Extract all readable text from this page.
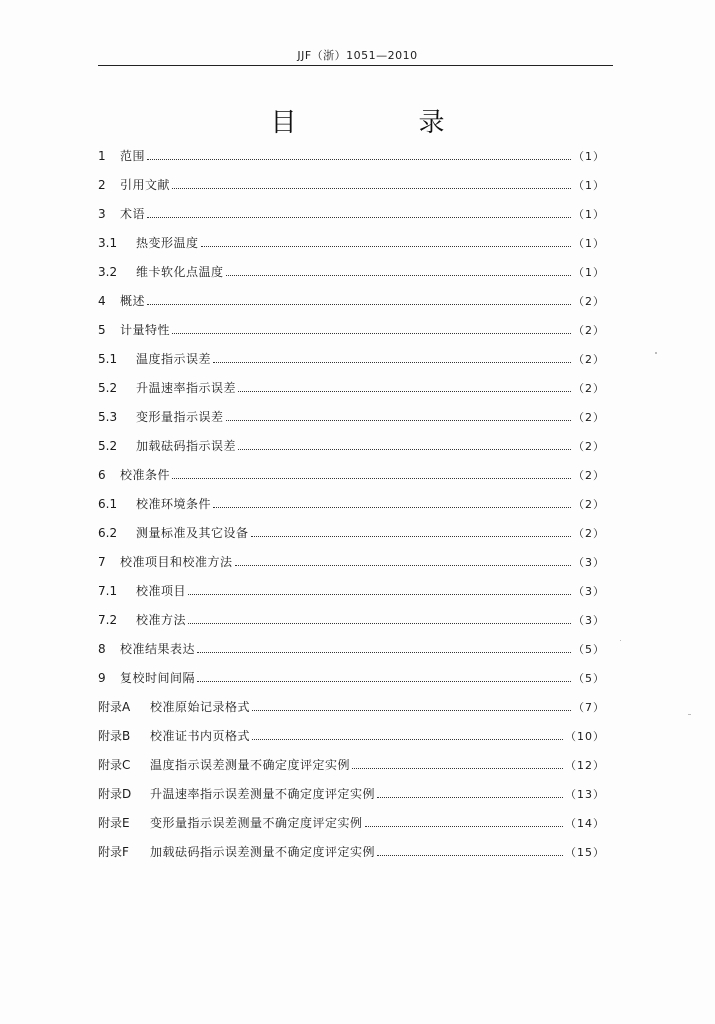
JJF（浙）1051—2010
目　录
1	范围	（1）
2	引用文献	（1）
3	术语	（1）
3.1	热变形温度	（1）
3.2	维卡软化点温度	（1）
4	概述	（2）
5	计量特性	（2）
5.1	温度指示误差	（2）
5.2	升温速率指示误差	（2）
5.3	变形量指示误差	（2）
5.2	加载砝码指示误差	（2）
6	校准条件	（2）
6.1	校准环境条件	（2）
6.2	测量标准及其它设备	（2）
7	校准项目和校准方法	（3）
7.1	校准项目	（3）
7.2	校准方法	（3）
8	校准结果表达	（5）
9	复校时间间隔	（5）
附录A	校准原始记录格式	（7）
附录B	校准证书内页格式	（10）
附录C	温度指示误差测量不确定度评定实例	（12）
附录D	升温速率指示误差测量不确定度评定实例	（13）
附录E	变形量指示误差测量不确定度评定实例	（14）
附录F	加载砝码指示误差测量不确定度评定实例	（15）
